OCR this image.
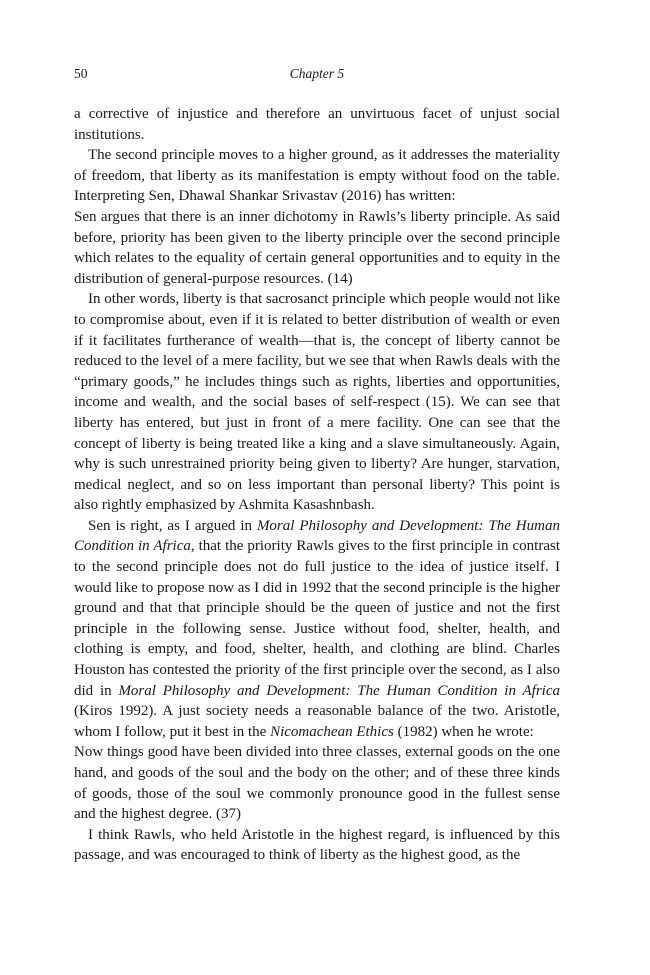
50	Chapter 5

a corrective of injustice and therefore an unvirtuous facet of unjust social institutions.

The second principle moves to a higher ground, as it addresses the materiality of freedom, that liberty as its manifestation is empty without food on the table. Interpreting Sen, Dhawal Shankar Srivastav (2016) has written:

Sen argues that there is an inner dichotomy in Rawls’s liberty principle. As said before, priority has been given to the liberty principle over the second principle which relates to the equality of certain general opportunities and to equity in the distribution of general-purpose resources. (14)

In other words, liberty is that sacrosanct principle which people would not like to compromise about, even if it is related to better distribution of wealth or even if it facilitates furtherance of wealth—that is, the concept of liberty cannot be reduced to the level of a mere facility, but we see that when Rawls deals with the “primary goods,” he includes things such as rights, liberties and opportunities, income and wealth, and the social bases of self-respect (15). We can see that liberty has entered, but just in front of a mere facility. One can see that the concept of liberty is being treated like a king and a slave simultaneously. Again, why is such unrestrained priority being given to liberty? Are hunger, starvation, medical neglect, and so on less important than personal liberty? This point is also rightly emphasized by Ashmita Kasashnbash.

Sen is right, as I argued in Moral Philosophy and Development: The Human Condition in Africa, that the priority Rawls gives to the first principle in contrast to the second principle does not do full justice to the idea of justice itself. I would like to propose now as I did in 1992 that the second principle is the higher ground and that that principle should be the queen of justice and not the first principle in the following sense. Justice without food, shelter, health, and clothing is empty, and food, shelter, health, and clothing are blind. Charles Houston has contested the priority of the first principle over the second, as I also did in Moral Philosophy and Development: The Human Condition in Africa (Kiros 1992). A just society needs a reasonable balance of the two. Aristotle, whom I follow, put it best in the Nicomachean Ethics (1982) when he wrote:

Now things good have been divided into three classes, external goods on the one hand, and goods of the soul and the body on the other; and of these three kinds of goods, those of the soul we commonly pronounce good in the fullest sense and the highest degree. (37)

I think Rawls, who held Aristotle in the highest regard, is influenced by this passage, and was encouraged to think of liberty as the highest good, as the
